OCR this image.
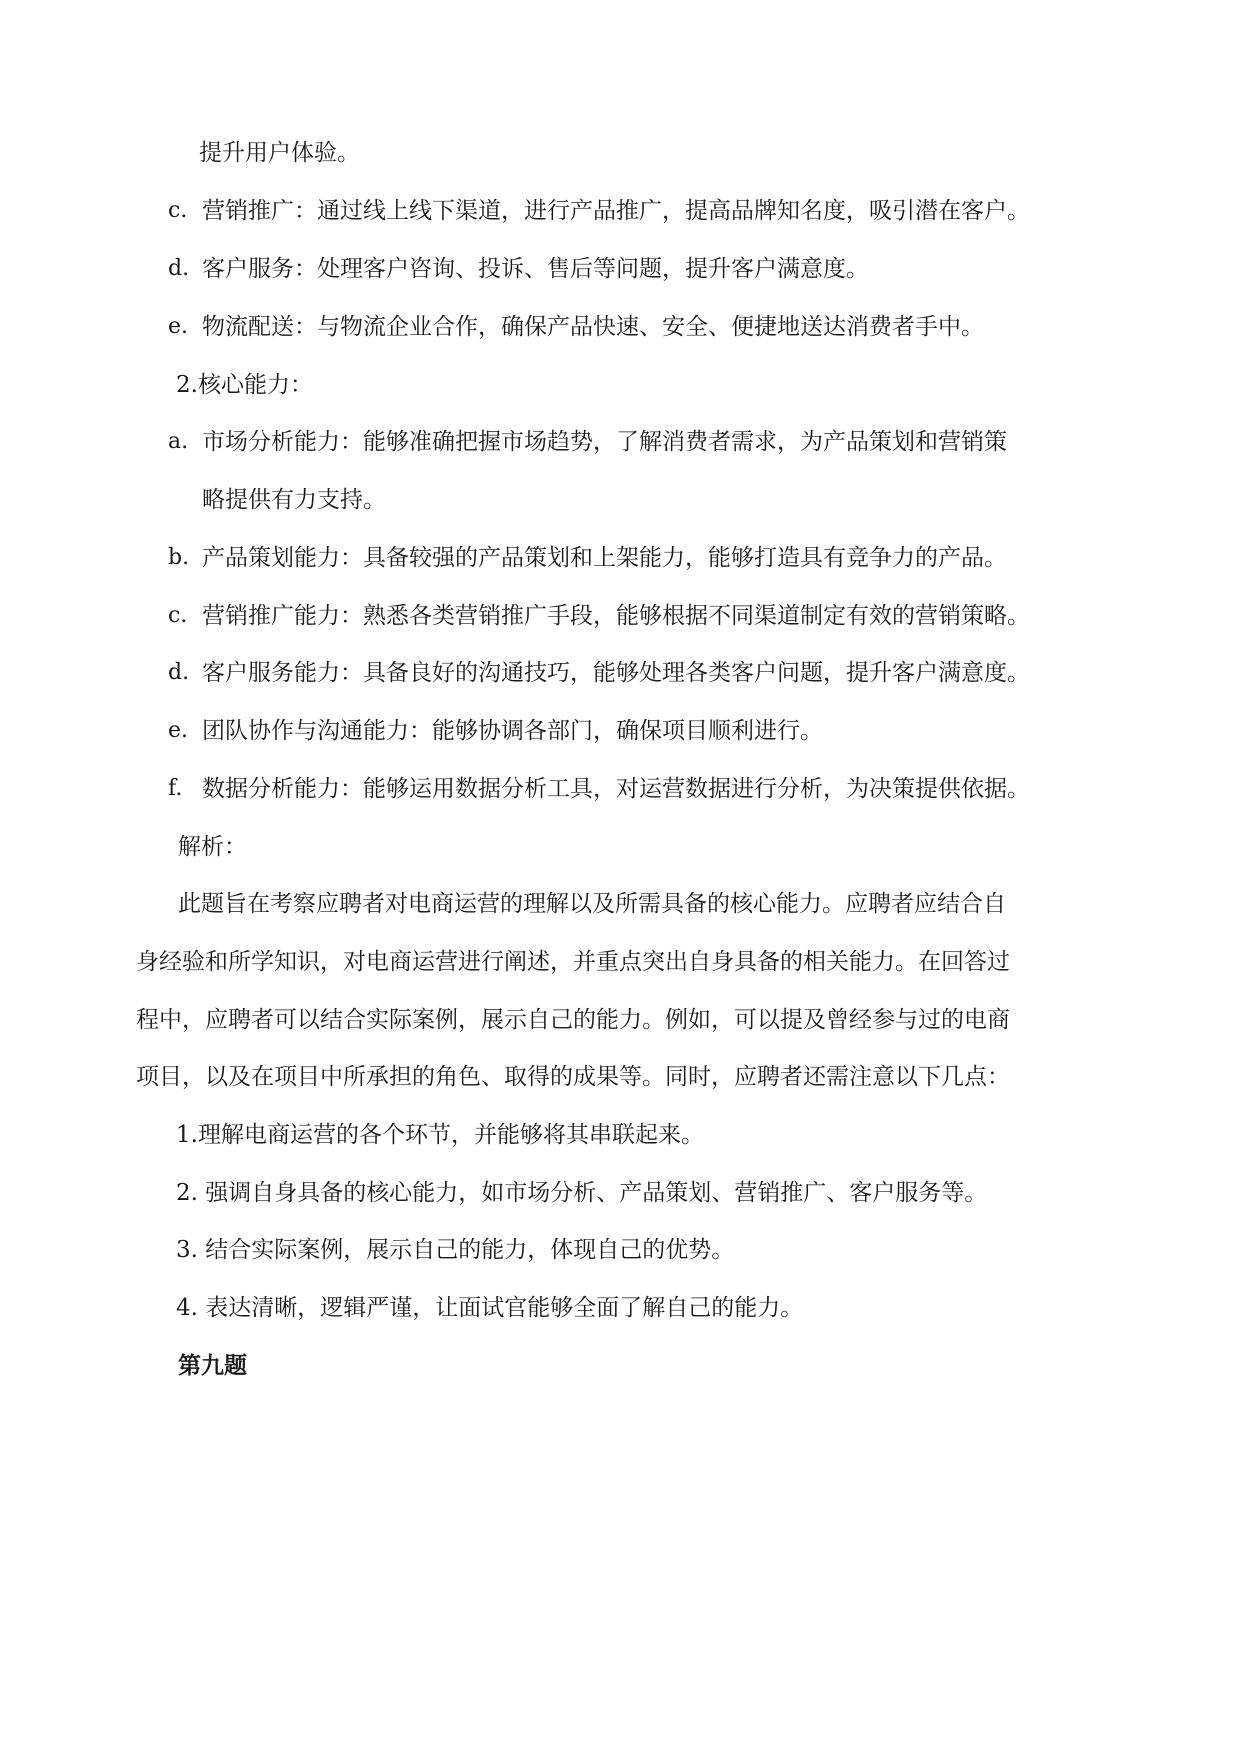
提升用户体验。
c. 营销推广：通过线上线下渠道，进行产品推广，提高品牌知名度，吸引潜在客户。
d. 客户服务：处理客户咨询、投诉、售后等问题，提升客户满意度。
e. 物流配送：与物流企业合作，确保产品快速、安全、便捷地送达消费者手中。
2.核心能力：
a. 市场分析能力：能够准确把握市场趋势，了解消费者需求，为产品策划和营销策
略提供有力支持。
b. 产品策划能力：具备较强的产品策划和上架能力，能够打造具有竞争力的产品。
c. 营销推广能力：熟悉各类营销推广手段，能够根据不同渠道制定有效的营销策略。
d. 客户服务能力：具备良好的沟通技巧，能够处理各类客户问题，提升客户满意度。
e. 团队协作与沟通能力：能够协调各部门，确保项目顺利进行。
f. 数据分析能力：能够运用数据分析工具，对运营数据进行分析，为决策提供依据。
解析：
此题旨在考察应聘者对电商运营的理解以及所需具备的核心能力。应聘者应结合自
身经验和所学知识，对电商运营进行阐述，并重点突出自身具备的相关能力。在回答过
程中，应聘者可以结合实际案例，展示自己的能力。例如，可以提及曾经参与过的电商
项目，以及在项目中所承担的角色、取得的成果等。同时，应聘者还需注意以下几点：
1.理解电商运营的各个环节，并能够将其串联起来。
2. 强调自身具备的核心能力，如市场分析、产品策划、营销推广、客户服务等。
3. 结合实际案例，展示自己的能力，体现自己的优势。
4. 表达清晰，逻辑严谨，让面试官能够全面了解自己的能力。
第九题
